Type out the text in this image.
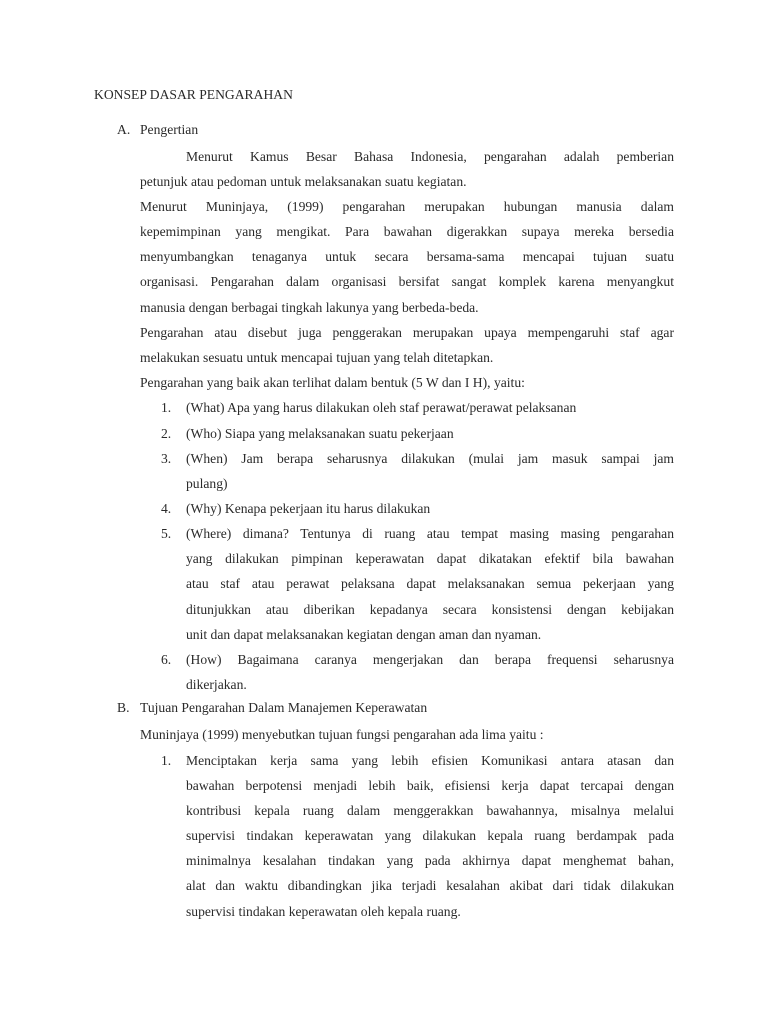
KONSEP DASAR PENGARAHAN
A. Pengertian
Menurut Kamus Besar Bahasa Indonesia, pengarahan adalah pemberian
petunjuk atau pedoman untuk melaksanakan suatu kegiatan.
Menurut Muninjaya, (1999) pengarahan merupakan hubungan manusia dalam
kepemimpinan yang mengikat. Para bawahan digerakkan supaya mereka bersedia
menyumbangkan tenaganya untuk secara bersama-sama mencapai tujuan suatu
organisasi. Pengarahan dalam organisasi bersifat sangat komplek karena menyangkut
manusia dengan berbagai tingkah lakunya yang berbeda-beda.
Pengarahan atau disebut juga penggerakan merupakan upaya mempengaruhi staf agar
melakukan sesuatu untuk mencapai tujuan yang telah ditetapkan.
Pengarahan yang baik akan terlihat dalam bentuk (5 W dan I H), yaitu:
1. (What) Apa yang harus dilakukan oleh staf perawat/perawat pelaksanan
2. (Who) Siapa yang melaksanakan suatu pekerjaan
3. (When) Jam berapa seharusnya dilakukan (mulai jam masuk sampai jam
pulang)
4. (Why) Kenapa pekerjaan itu harus dilakukan
5. (Where) dimana? Tentunya di ruang atau tempat masing masing pengarahan
yang dilakukan pimpinan keperawatan dapat dikatakan efektif bila bawahan
atau staf atau perawat pelaksana dapat melaksanakan semua pekerjaan yang
ditunjukkan atau diberikan kepadanya secara konsistensi dengan kebijakan
unit dan dapat melaksanakan kegiatan dengan aman dan nyaman.
6. (How) Bagaimana caranya mengerjakan dan berapa frequensi seharusnya
dikerjakan.
B. Tujuan Pengarahan Dalam Manajemen Keperawatan
Muninjaya (1999) menyebutkan tujuan fungsi pengarahan ada lima yaitu :
1. Menciptakan kerja sama yang lebih efisien Komunikasi antara atasan dan
bawahan berpotensi menjadi lebih baik, efisiensi kerja dapat tercapai dengan
kontribusi kepala ruang dalam menggerakkan bawahannya, misalnya melalui
supervisi tindakan keperawatan yang dilakukan kepala ruang berdampak pada
minimalnya kesalahan tindakan yang pada akhirnya dapat menghemat bahan,
alat dan waktu dibandingkan jika terjadi kesalahan akibat dari tidak dilakukan
supervisi tindakan keperawatan oleh kepala ruang.
